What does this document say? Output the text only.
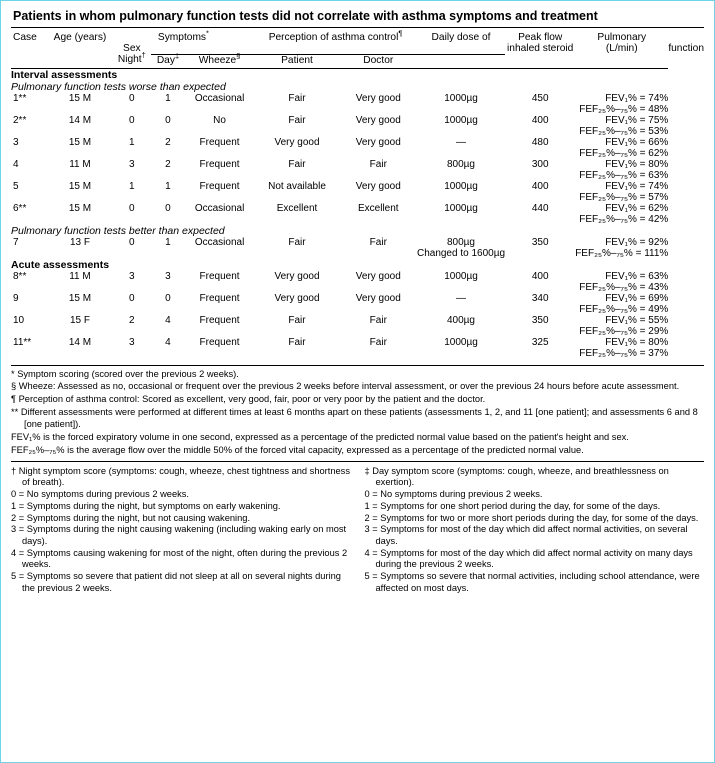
Patients in whom pulmonary function tests did not correlate with asthma symptoms and treatment
Case	Age (years)	Symptoms*			Perception of asthma control¶		Daily dose of	Peak flow	Pulmonary	
		Sex						inhaled steroid	(L/min)	function
		Night†	Day‡	Wheeze§	Patient	Doctor				

Interval assessments										
Pulmonary function tests worse than expected										
1**	15 M	0	1	Occasional	Fair	Very good	1000µg	450	FEV₁% = 74%	
									FEF₂₅%–₇₅% = 48%	
2**	14 M	0	0	No	Fair	Very good	1000µg	400	FEV₁% = 75%	
									FEF₂₅%–₇₅% = 53%	
3	15 M	1	2	Frequent	Very good	Very good	—	480	FEV₁% = 66%	
									FEF₂₅%–₇₅% = 62%	
4	11 M	3	2	Frequent	Fair	Fair	800µg	300	FEV₁% = 80%	
									FEF₂₅%–₇₅% = 63%	
5	15 M	1	1	Frequent	Not available	Very good	1000µg	400	FEV₁% = 74%	
									FEF₂₅%–₇₅% = 57%	
6**	15 M	0	0	Occasional	Excellent	Excellent	1000µg	440	FEV₁% = 62%	
									FEF₂₅%–₇₅% = 42%	
Pulmonary function tests better than expected										
7	13 F	0	1	Occasional	Fair	Fair	800µg	350	FEV₁% = 92%	
							Changed to 1600µg		FEF₂₅%–₇₅% = 111%	
Acute assessments										
8**	11 M	3	3	Frequent	Very good	Very good	1000µg	400	FEV₁% = 63%	
									FEF₂₅%–₇₅% = 43%	
9	15 M	0	0	Frequent	Very good	Very good	—	340	FEV₁% = 69%	
									FEF₂₅%–₇₅% = 49%	
10	15 F	2	4	Frequent	Fair	Fair	400µg	350	FEV₁% = 55%	
									FEF₂₅%–₇₅% = 29%	
11**	14 M	3	4	Frequent	Fair	Fair	1000µg	325	FEV₁% = 80%	
									FEF₂₅%–₇₅% = 37%	
* Symptom scoring (scored over the previous 2 weeks).
§ Wheeze: Assessed as no, occasional or frequent over the previous 2 weeks before interval assessment, or over the previous 24 hours before acute assessment.
¶ Perception of asthma control: Scored as excellent, very good, fair, poor or very poor by the patient and the doctor.
** Different assessments were performed at different times at least 6 months apart on these patients (assessments 1, 2, and 11 [one patient]; and assessments 6 and 8 [one patient]).
FEV₁% is the forced expiratory volume in one second, expressed as a percentage of the predicted normal value based on the patient's height and sex.
FEF₂₅%–₇₅% is the average flow over the middle 50% of the forced vital capacity, expressed as a percentage of the predicted normal value.
† Night symptom score (symptoms: cough, wheeze, chest tightness and shortness of breath).
0 = No symptoms during previous 2 weeks.
1 = Symptoms during the night, but symptoms on early wakening.
2 = Symptoms during the night, but not causing wakening.
3 = Symptoms during the night causing wakening (including waking early on most days).
4 = Symptoms causing wakening for most of the night, often during the previous 2 weeks.
5 = Symptoms so severe that patient did not sleep at all on several nights during the previous 2 weeks.
‡ Day symptom score (symptoms: cough, wheeze, and breathlessness on exertion).
0 = No symptoms during previous 2 weeks.
1 = Symptoms for one short period during the day, for some of the days.
2 = Symptoms for two or more short periods during the day, for some of the days.
3 = Symptoms for most of the day which did affect normal activities, on several days.
4 = Symptoms for most of the day which did affect normal activity on many days during the previous 2 weeks.
5 = Symptoms so severe that normal activities, including school attendance, were affected on most days.
